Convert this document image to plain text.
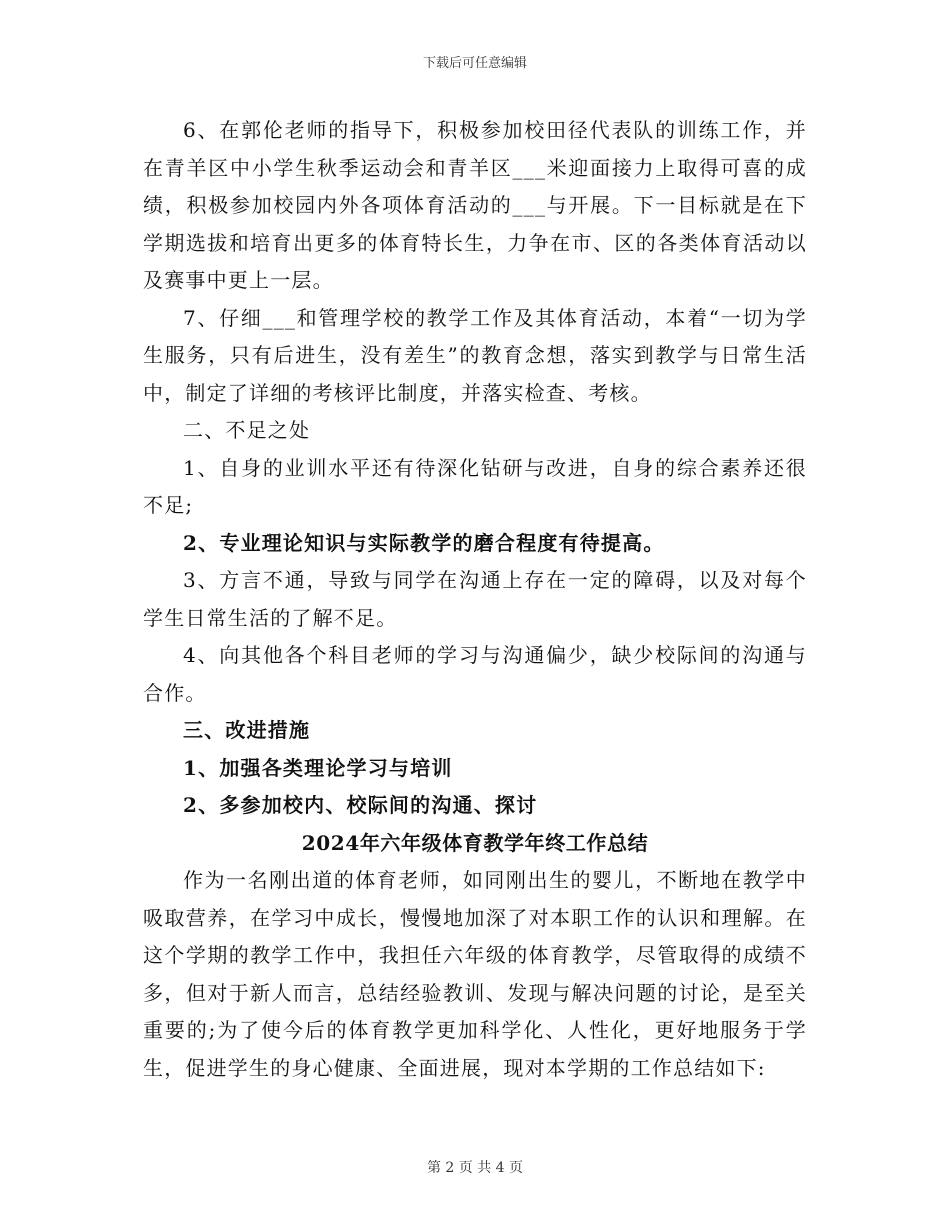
下载后可任意编辑

6、在郭伦老师的指导下，积极参加校田径代表队的训练工作，并在青羊区中小学生秋季运动会和青羊区___米迎面接力上取得可喜的成绩，积极参加校园内外各项体育活动的___与开展。下一目标就是在下学期选拔和培育出更多的体育特长生，力争在市、区的各类体育活动以及赛事中更上一层。

7、仔细___和管理学校的教学工作及其体育活动，本着“一切为学生服务，只有后进生，没有差生”的教育念想，落实到教学与日常生活中，制定了详细的考核评比制度，并落实检查、考核。

二、不足之处

1、自身的业训水平还有待深化钻研与改进，自身的综合素养还很不足;

2、专业理论知识与实际教学的磨合程度有待提高。

3、方言不通，导致与同学在沟通上存在一定的障碍，以及对每个学生日常生活的了解不足。

4、向其他各个科目老师的学习与沟通偏少，缺少校际间的沟通与合作。

三、改进措施

1、加强各类理论学习与培训

2、多参加校内、校际间的沟通、探讨

2024年六年级体育教学年终工作总结

作为一名刚出道的体育老师，如同刚出生的婴儿，不断地在教学中吸取营养，在学习中成长，慢慢地加深了对本职工作的认识和理解。在这个学期的教学工作中，我担任六年级的体育教学，尽管取得的成绩不多，但对于新人而言，总结经验教训、发现与解决问题的讨论，是至关重要的;为了使今后的体育教学更加科学化、人性化，更好地服务于学生，促进学生的身心健康、全面进展，现对本学期的工作总结如下:

第 2 页 共 4 页
